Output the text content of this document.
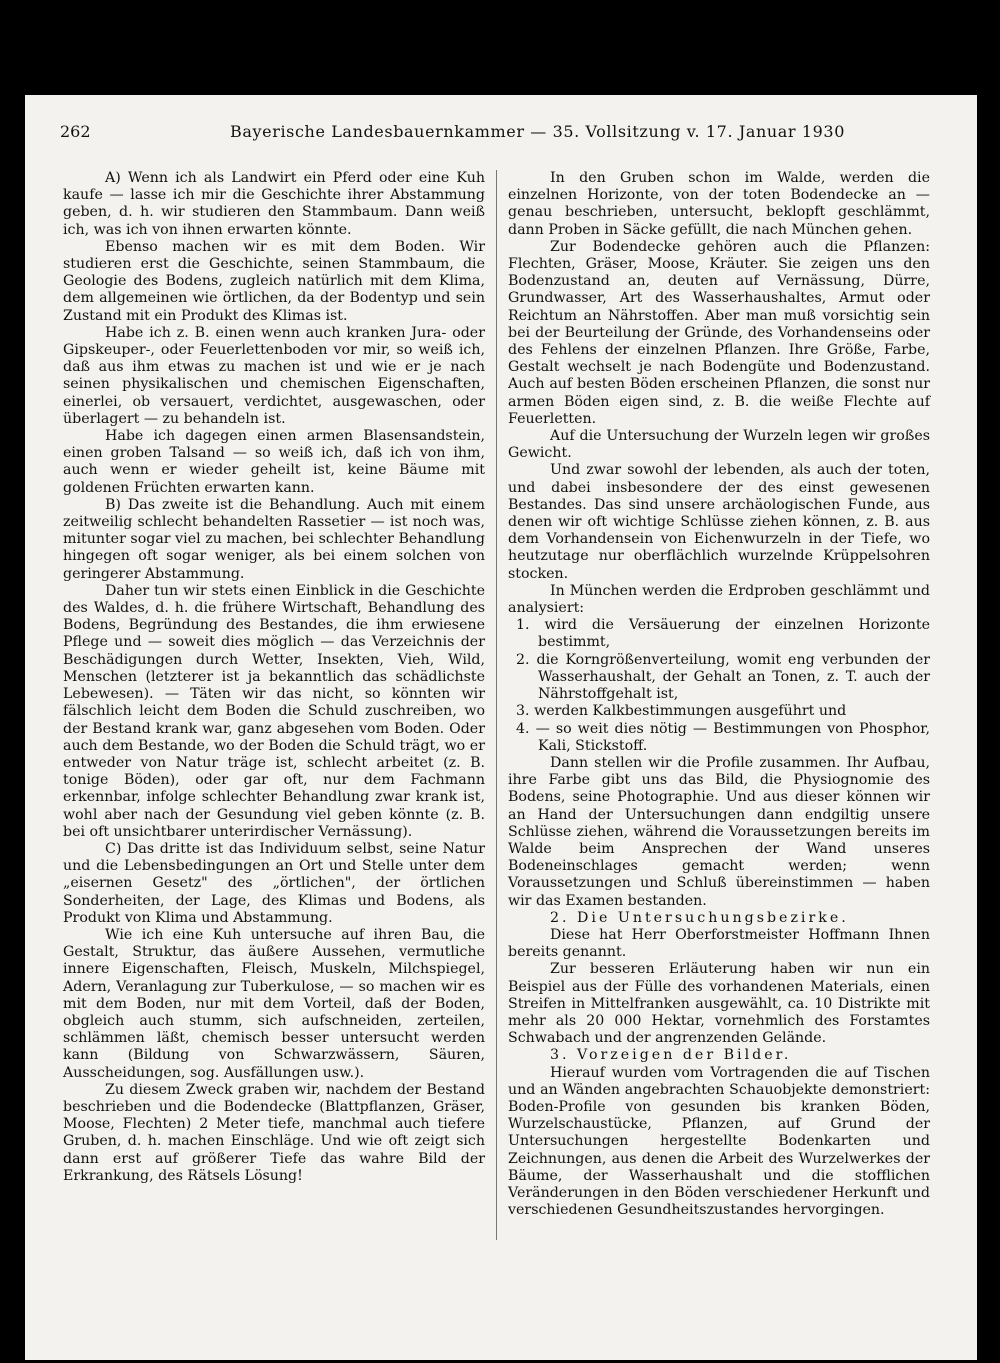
262	Bayerische Landesbauernkammer — 35. Vollsitzung v. 17. Januar 1930

A) Wenn ich als Landwirt ein Pferd oder eine Kuh kaufe — lasse ich mir die Geschichte ihrer Abstammung geben, d. h. wir studieren den Stammbaum. Dann weiß ich, was ich von ihnen erwarten könnte.

Ebenso machen wir es mit dem Boden. Wir studieren erst die Geschichte, seinen Stammbaum, die Geologie des Bodens, zugleich natürlich mit dem Klima, dem allgemeinen wie örtlichen, da der Bodentyp und sein Zustand mit ein Produkt des Klimas ist.

Habe ich z. B. einen wenn auch kranken Jura- oder Gipskeuper-, oder Feuerlettenboden vor mir, so weiß ich, daß aus ihm etwas zu machen ist und wie er je nach seinen physikalischen und chemischen Eigenschaften, einerlei, ob versauert, verdichtet, ausgewaschen, oder überlagert — zu behandeln ist.

Habe ich dagegen einen armen Blasensandstein, einen groben Talsand — so weiß ich, daß ich von ihm, auch wenn er wieder geheilt ist, keine Bäume mit goldenen Früchten erwarten kann.

B) Das zweite ist die Behandlung. Auch mit einem zeitweilig schlecht behandelten Rassetier — ist noch was, mitunter sogar viel zu machen, bei schlechter Behandlung hingegen oft sogar weniger, als bei einem solchen von geringerer Abstammung.

Daher tun wir stets einen Einblick in die Geschichte des Waldes, d. h. die frühere Wirtschaft, Behandlung des Bodens, Begründung des Bestandes, die ihm erwiesene Pflege und — soweit dies möglich — das Verzeichnis der Beschädigungen durch Wetter, Insekten, Vieh, Wild, Menschen (letzterer ist ja bekanntlich das schädlichste Lebewesen). — Täten wir das nicht, so könnten wir fälschlich leicht dem Boden die Schuld zuschreiben, wo der Bestand krank war, ganz abgesehen vom Boden. Oder auch dem Bestande, wo der Boden die Schuld trägt, wo er entweder von Natur träge ist, schlecht arbeitet (z. B. tonige Böden), oder gar oft, nur dem Fachmann erkennbar, infolge schlechter Behandlung zwar krank ist, wohl aber nach der Gesundung viel geben könnte (z. B. bei oft unsichtbarer unterirdischer Vernässung).

C) Das dritte ist das Individuum selbst, seine Natur und die Lebensbedingungen an Ort und Stelle unter dem „eisernen Gesetz" des „örtlichen", der örtlichen Sonderheiten, der Lage, des Klimas und Bodens, als Produkt von Klima und Abstammung.

Wie ich eine Kuh untersuche auf ihren Bau, die Gestalt, Struktur, das äußere Aussehen, vermutliche innere Eigenschaften, Fleisch, Muskeln, Milchspiegel, Adern, Veranlagung zur Tuberkulose, — so machen wir es mit dem Boden, nur mit dem Vorteil, daß der Boden, obgleich auch stumm, sich aufschneiden, zerteilen, schlämmen läßt, chemisch besser untersucht werden kann (Bildung von Schwarzwässern, Säuren, Ausscheidungen, sog. Ausfällungen usw.).

Zu diesem Zweck graben wir, nachdem der Bestand beschrieben und die Bodendecke (Blattpflanzen, Gräser, Moose, Flechten) 2 Meter tiefe, manchmal auch tiefere Gruben, d. h. machen Einschläge. Und wie oft zeigt sich dann erst auf größerer Tiefe das wahre Bild der Erkrankung, des Rätsels Lösung!

In den Gruben schon im Walde, werden die einzelnen Horizonte, von der toten Bodendecke an — genau beschrieben, untersucht, beklopft geschlämmt, dann Proben in Säcke gefüllt, die nach München gehen.

Zur Bodendecke gehören auch die Pflanzen: Flechten, Gräser, Moose, Kräuter. Sie zeigen uns den Bodenzustand an, deuten auf Vernässung, Dürre, Grundwasser, Art des Wasserhaushaltes, Armut oder Reichtum an Nährstoffen. Aber man muß vorsichtig sein bei der Beurteilung der Gründe, des Vorhandenseins oder des Fehlens der einzelnen Pflanzen. Ihre Größe, Farbe, Gestalt wechselt je nach Bodengüte und Bodenzustand. Auch auf besten Böden erscheinen Pflanzen, die sonst nur armen Böden eigen sind, z. B. die weiße Flechte auf Feuerletten.

Auf die Untersuchung der Wurzeln legen wir großes Gewicht.

Und zwar sowohl der lebenden, als auch der toten, und dabei insbesondere der des einst gewesenen Bestandes. Das sind unsere archäologischen Funde, aus denen wir oft wichtige Schlüsse ziehen können, z. B. aus dem Vorhandensein von Eichenwurzeln in der Tiefe, wo heutzutage nur oberflächlich wurzelnde Krüppelsohren stocken.

In München werden die Erdproben geschlämmt und analysiert:

1. wird die Versäuerung der einzelnen Horizonte bestimmt,

2. die Korngrößenverteilung, womit eng verbunden der Wasserhaushalt, der Gehalt an Tonen, z. T. auch der Nährstoffgehalt ist,

3. werden Kalkbestimmungen ausgeführt und

4. — so weit dies nötig — Bestimmungen von Phosphor, Kali, Stickstoff.

Dann stellen wir die Profile zusammen. Ihr Aufbau, ihre Farbe gibt uns das Bild, die Physiognomie des Bodens, seine Photographie. Und aus dieser können wir an Hand der Untersuchungen dann endgiltig unsere Schlüsse ziehen, während die Voraussetzungen bereits im Walde beim Ansprechen der Wand unseres Bodeneinschlages gemacht werden; wenn Voraussetzungen und Schluß übereinstimmen — haben wir das Examen bestanden.

2. Die Untersuchungsbezirke.

Diese hat Herr Oberforstmeister Hoffmann Ihnen bereits genannt.

Zur besseren Erläuterung haben wir nun ein Beispiel aus der Fülle des vorhandenen Materials, einen Streifen in Mittelfranken ausgewählt, ca. 10 Distrikte mit mehr als 20 000 Hektar, vornehmlich des Forstamtes Schwabach und der angrenzenden Gelände.

3. Vorzeigen der Bilder.

Hierauf wurden vom Vortragenden die auf Tischen und an Wänden angebrachten Schauobjekte demonstriert: Boden-Profile von gesunden bis kranken Böden, Wurzelschaustücke, Pflanzen, auf Grund der Untersuchungen hergestellte Bodenkarten und Zeichnungen, aus denen die Arbeit des Wurzelwerkes der Bäume, der Wasserhaushalt und die stofflichen Veränderungen in den Böden verschiedener Herkunft und verschiedenen Gesundheitszustandes hervorgingen.
